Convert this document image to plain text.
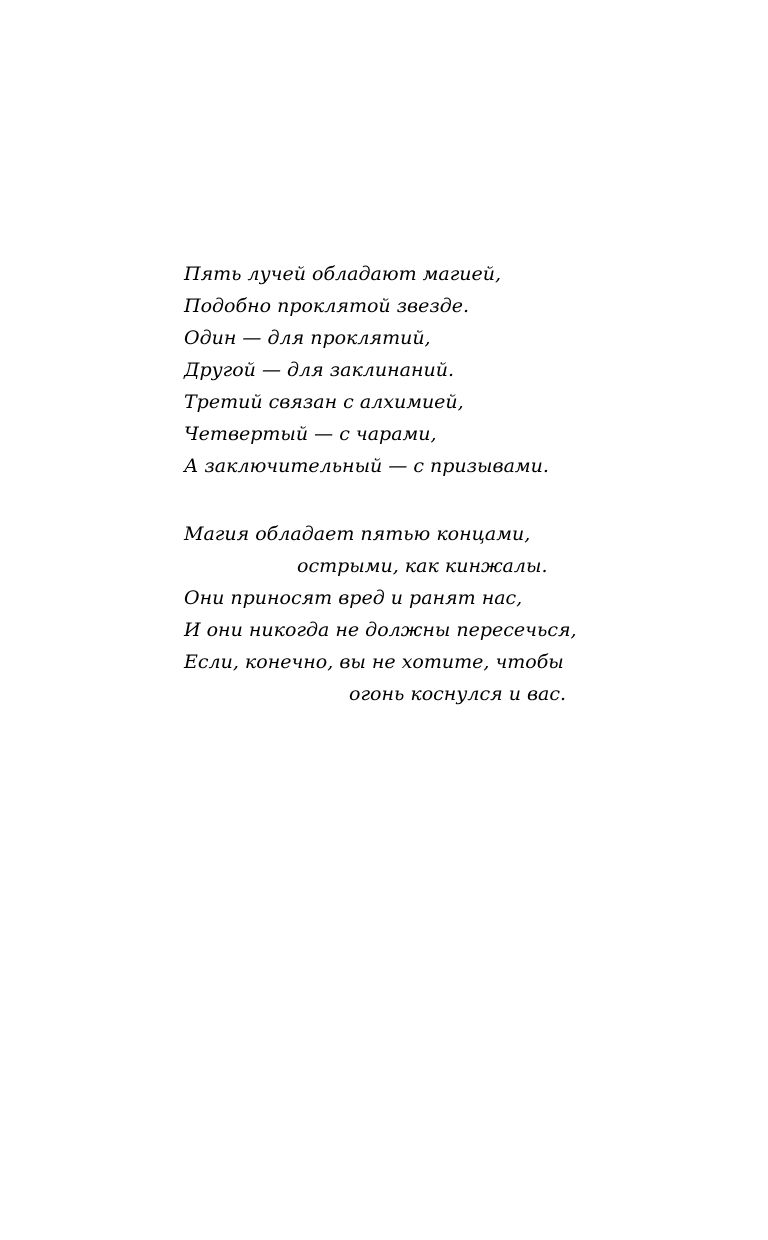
Пять лучей обладают магией,

Подобно проклятой звезде.

Один — для проклятий,

Другой — для заклинаний.

Третий связан с алхимией,

Четвертый — с чарами,

А заключительный — с призывами.

Магия обладает пятью концами,

острыми, как кинжалы.

Они приносят вред и ранят нас,

И они никогда не должны пересечься,

Если, конечно, вы не хотите, чтобы

огонь коснулся и вас.
